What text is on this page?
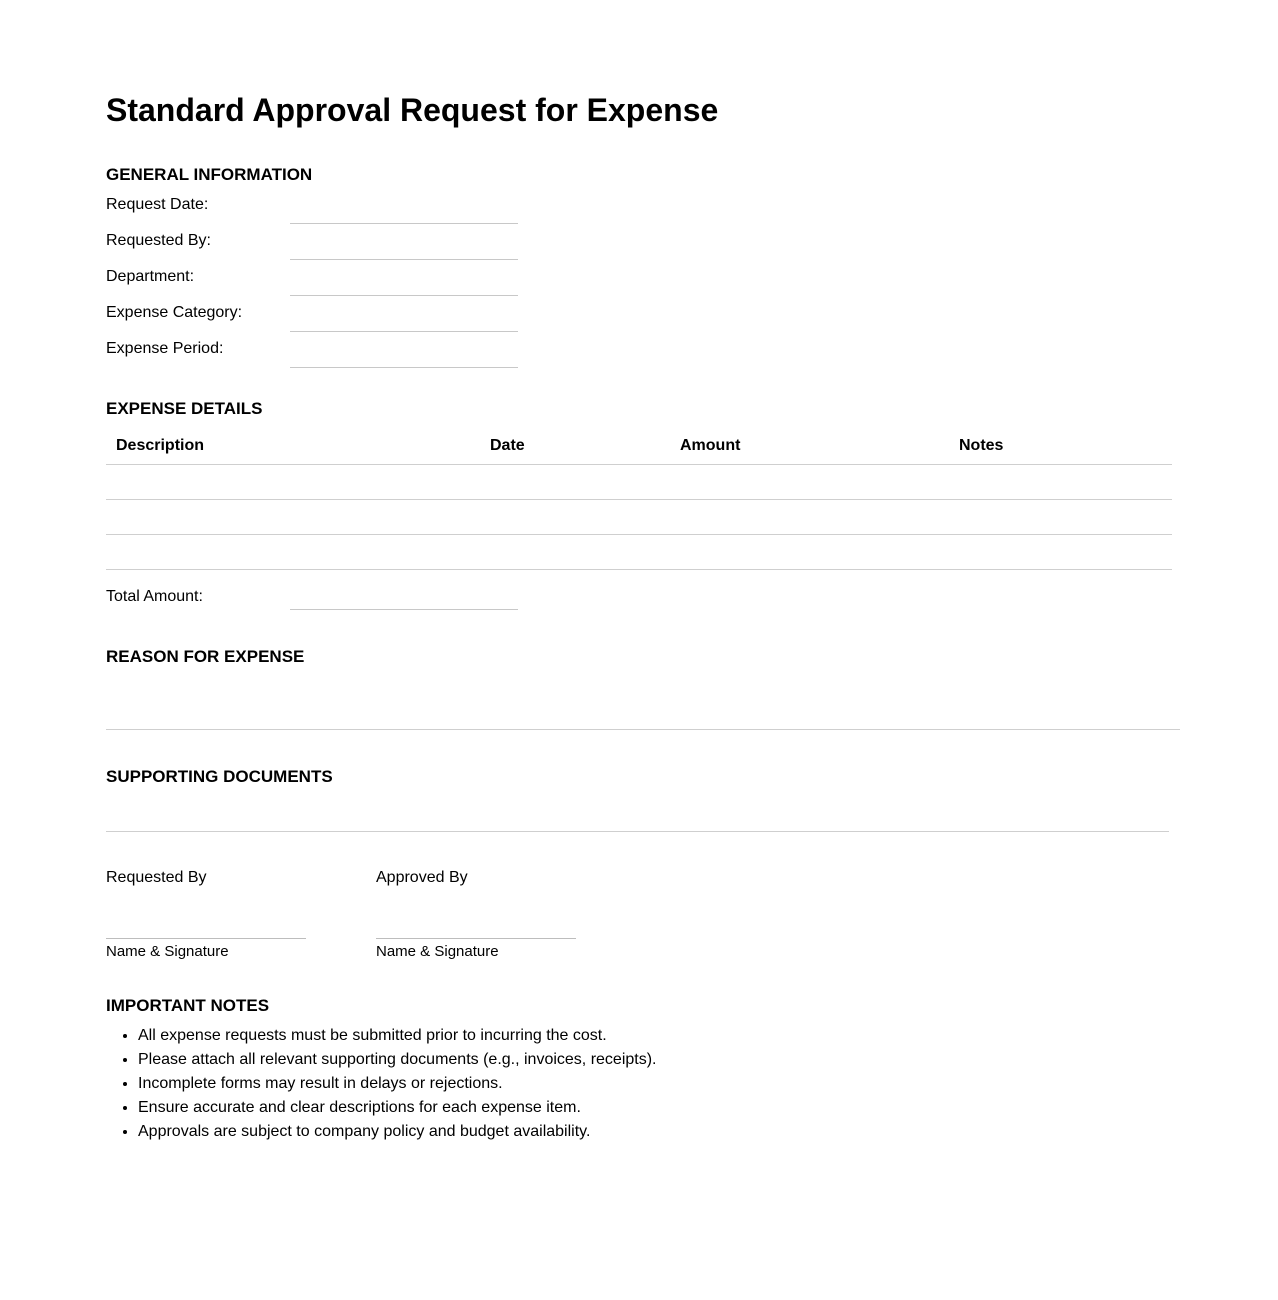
Standard Approval Request for Expense
GENERAL INFORMATION
Request Date:
Requested By:
Department:
Expense Category:
Expense Period:
EXPENSE DETAILS
Description	Date	Amount	Notes
Total Amount:
REASON FOR EXPENSE
SUPPORTING DOCUMENTS
Requested By
Name & Signature
Approved By
Name & Signature
IMPORTANT NOTES
• All expense requests must be submitted prior to incurring the cost.
• Please attach all relevant supporting documents (e.g., invoices, receipts).
• Incomplete forms may result in delays or rejections.
• Ensure accurate and clear descriptions for each expense item.
• Approvals are subject to company policy and budget availability.
